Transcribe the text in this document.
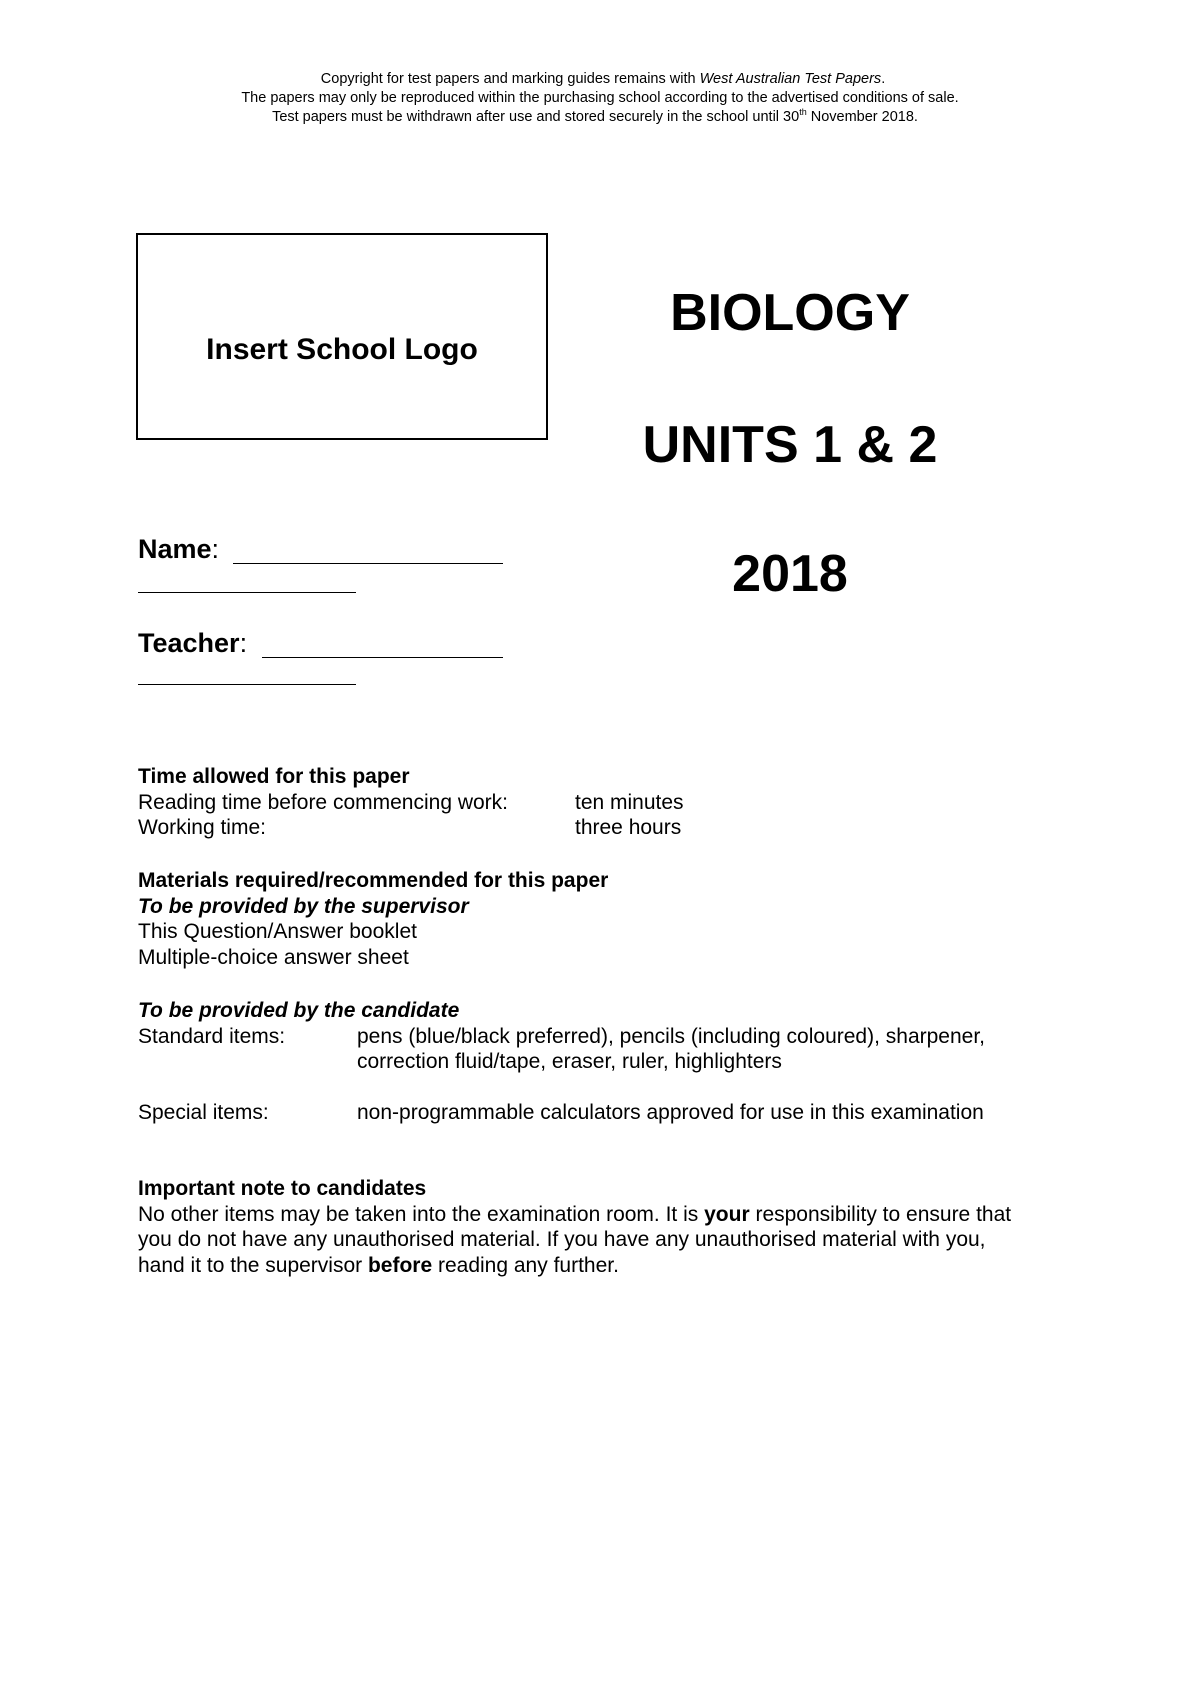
Copyright for test papers and marking guides remains with West Australian Test Papers.

The papers may only be reproduced within the purchasing school according to the advertised conditions of sale.

Test papers must be withdrawn after use and stored securely in the school until 30th November 2018.

Insert School Logo
BIOLOGY
UNITS 1 & 2
2018
Name:
Teacher:
Time allowed for this paper
Reading time before commencing work:	ten minutes
Working time:	three hours
Materials required/recommended for this paper
To be provided by the supervisor
This Question/Answer booklet
Multiple-choice answer sheet
To be provided by the candidate
Standard items:	pens (blue/black preferred), pencils (including coloured), sharpener,
correction fluid/tape, eraser, ruler, highlighters
Special items:	non-programmable calculators approved for use in this examination
Important note to candidates
No other items may be taken into the examination room. It is your responsibility to ensure that
you do not have any unauthorised material. If you have any unauthorised material with you,
hand it to the supervisor before reading any further.
